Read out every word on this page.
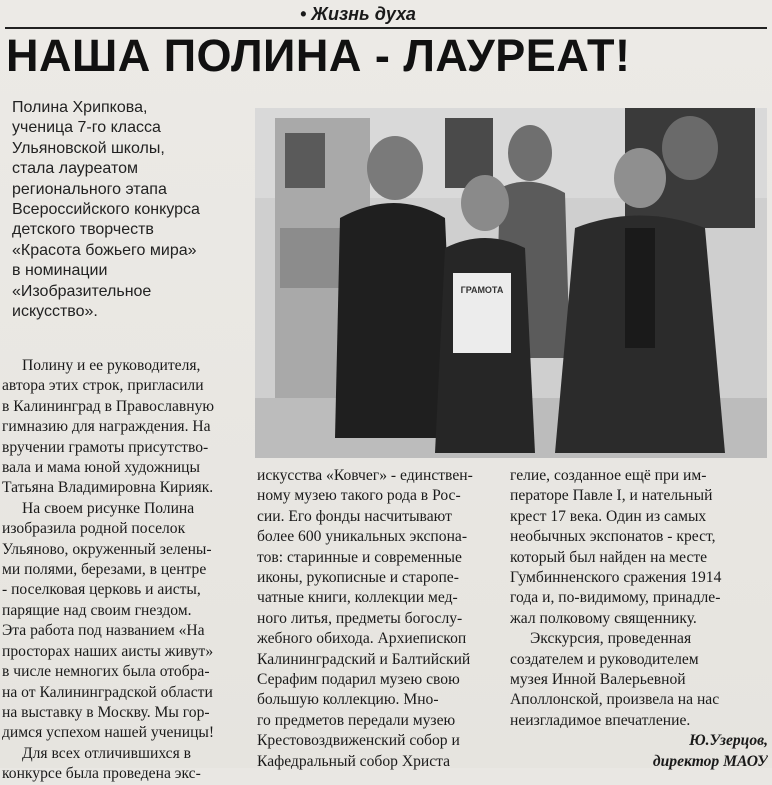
• Жизнь духа
НАША ПОЛИНА - ЛАУРЕАТ!
Полина Хрипкова,
ученица 7-го класса
Ульяновской школы,
стала лауреатом
регионального этапа
Всероссийского конкурса
детского творчеств
«Красота божьего мира»
в номинации
«Изобразительное
искусство».
ГРАМОТА
Полину и ее руководителя,
автора этих строк, пригласили
в Калининград в Православную
гимназию для награждения. На
вручении грамоты присутство-
вала и мама юной художницы
Татьяна Владимировна Кирияк.
На своем рисунке Полина
изобразила родной поселок
Ульяново, окруженный зелены-
ми полями, березами, в центре
- поселковая церковь и аисты,
парящие над своим гнездом.
Эта работа под названием «На
просторах наших аисты живут»
в числе немногих была отобра-
на от Калининградской области
на выставку в Москву. Мы гор-
димся успехом нашей ученицы!
Для всех отличившихся в
конкурсе была проведена экс-
искусства «Ковчег» - единствен-
ному музею такого рода в Рос-
сии. Его фонды насчитывают
более 600 уникальных экспона-
тов: старинные и современные
иконы, рукописные и старопе-
чатные книги, коллекции мед-
ного литья, предметы богослу-
жебного обихода. Архиепископ
Калининградский и Балтийский
Серафим подарил музею свою
большую коллекцию. Мно-
го предметов передали музею
Крестовоздвиженский собор и
Кафедральный собор Христа
гелие, созданное ещё при им-
ператоре Павле I, и нательный
крест 17 века. Один из самых
необычных экспонатов - крест,
который был найден на месте
Гумбинненского сражения 1914
года и, по-видимому, принадле-
жал полковому священнику.
Экскурсия, проведенная
создателем и руководителем
музея Инной Валерьевной
Аполлонской, произвела на нас
неизгладимое впечатление.
Ю.Узерцов,
директор МАОУ
